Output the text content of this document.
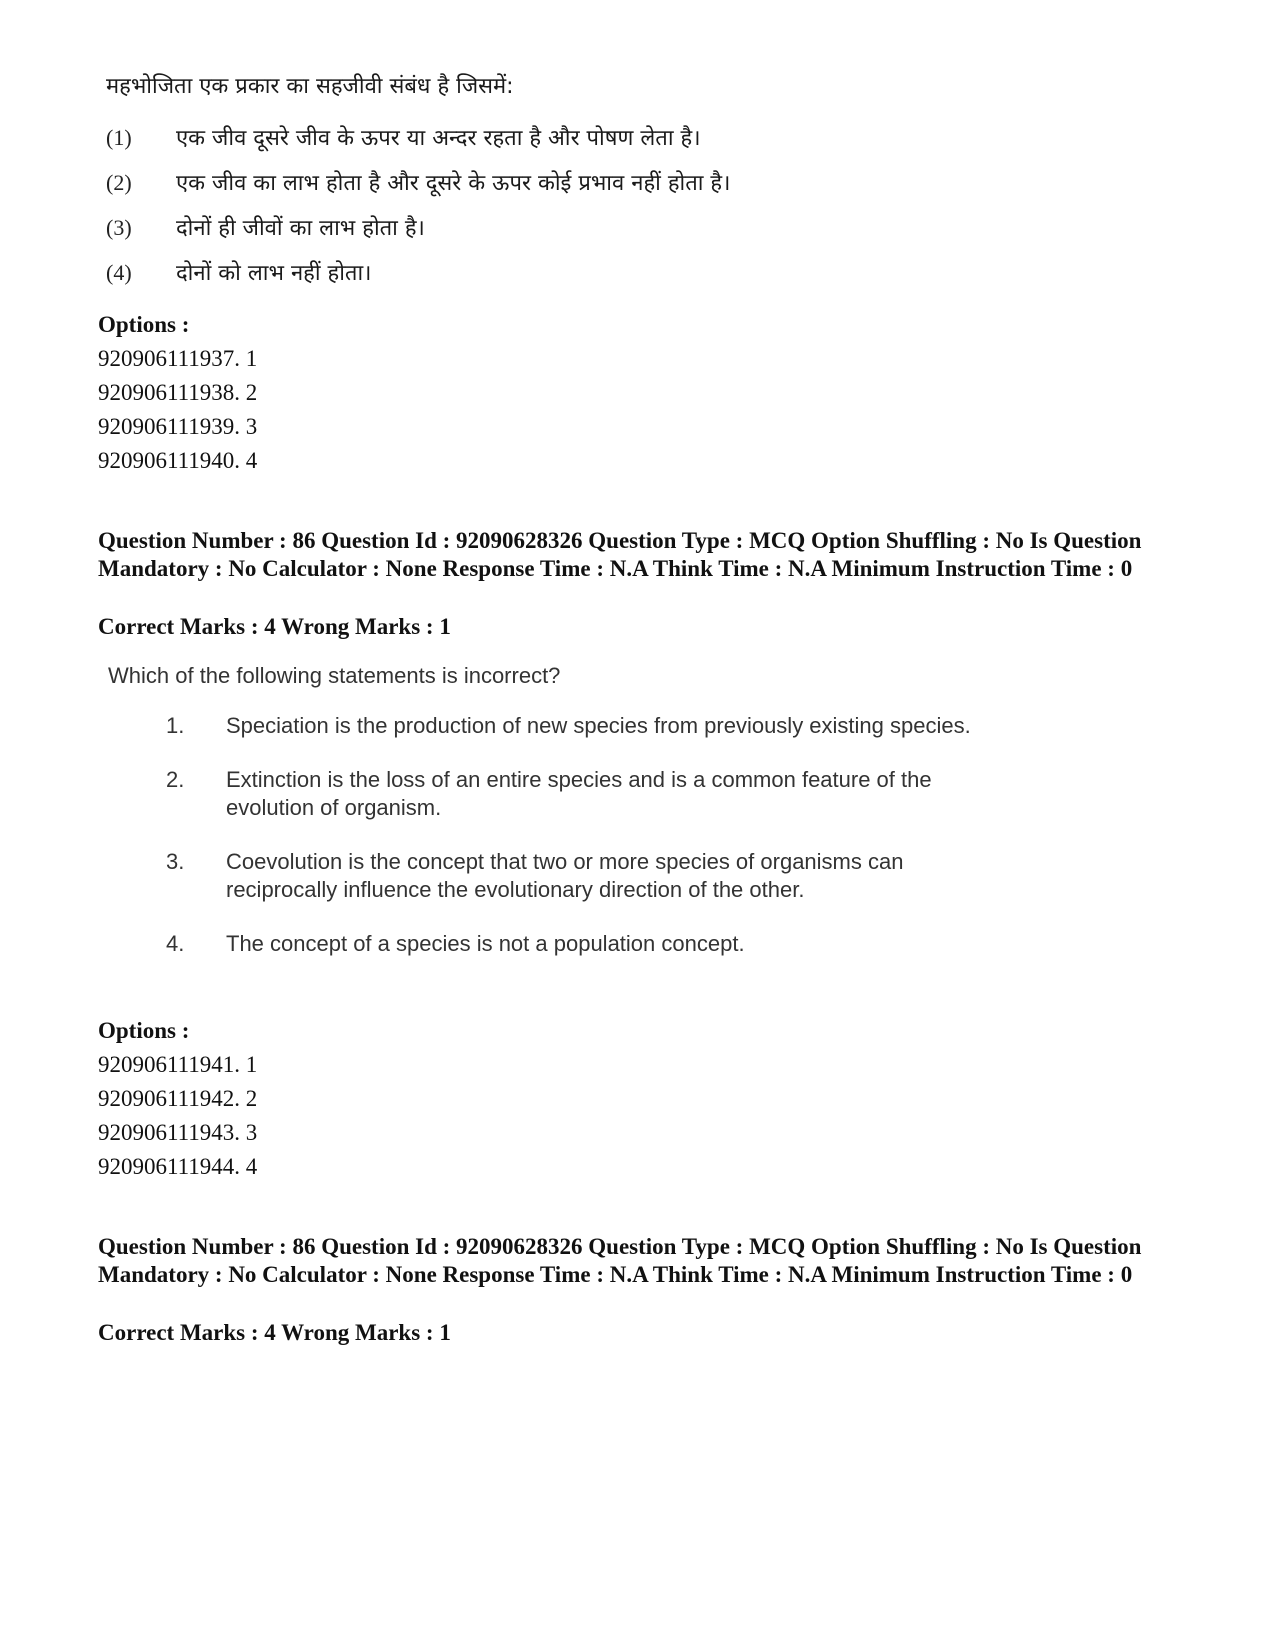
महभोजिता एक प्रकार का सहजीवी संबंध है जिसमें:
(1)	एक जीव दूसरे जीव के ऊपर या अन्दर रहता है और पोषण लेता है।
(2)	एक जीव का लाभ होता है और दूसरे के ऊपर कोई प्रभाव नहीं होता है।
(3)	दोनों ही जीवों का लाभ होता है।
(4)	दोनों को लाभ नहीं होता।
Options :
920906111937. 1
920906111938. 2
920906111939. 3
920906111940. 4
Question Number : 86 Question Id : 92090628326 Question Type : MCQ Option Shuffling : No Is Question Mandatory : No Calculator : None Response Time : N.A Think Time : N.A Minimum Instruction Time : 0
Correct Marks : 4 Wrong Marks : 1
Which of the following statements is incorrect?
1.	Speciation is the production of new species from previously existing species.
2.	Extinction is the loss of an entire species and is a common feature of the evolution of organism.
3.	Coevolution is the concept that two or more species of organisms can reciprocally influence the evolutionary direction of the other.
4.	The concept of a species is not a population concept.
Options :
920906111941. 1
920906111942. 2
920906111943. 3
920906111944. 4
Question Number : 86 Question Id : 92090628326 Question Type : MCQ Option Shuffling : No Is Question Mandatory : No Calculator : None Response Time : N.A Think Time : N.A Minimum Instruction Time : 0
Correct Marks : 4 Wrong Marks : 1
